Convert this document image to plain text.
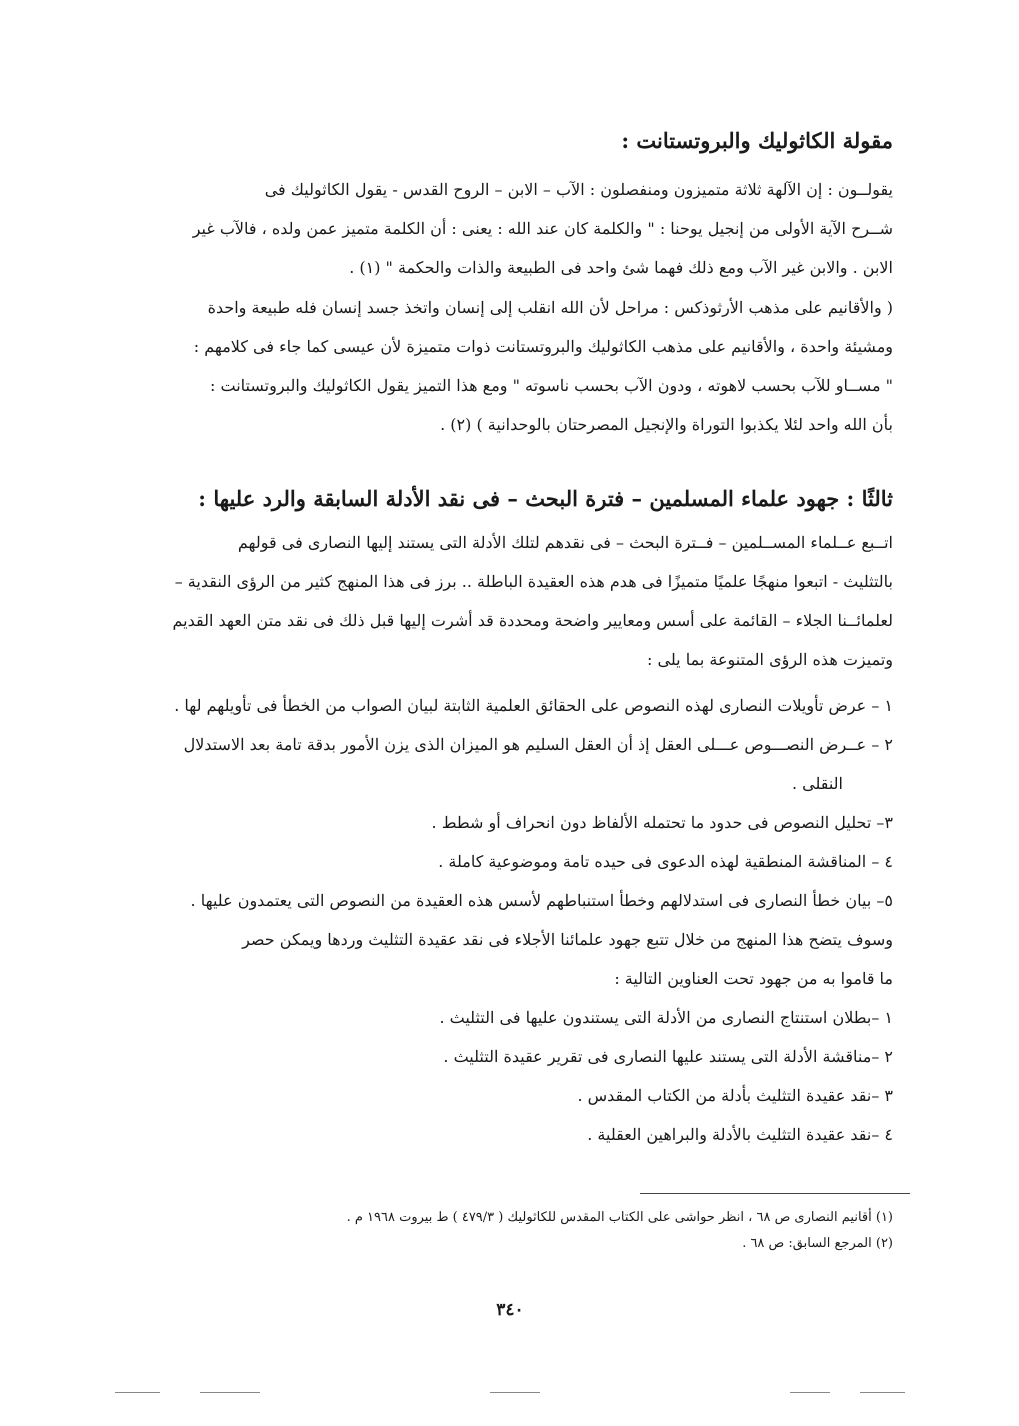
مقولة الكاثوليك والبروتستانت :
يقولــون : إن الآلهة ثلاثة متميزون ومنفصلون : الآب – الابن – الروح القدس - يقول الكاثوليك فى
شــرح الآية الأولى من إنجيل يوحنا : " والكلمة كان عند الله : يعنى : أن الكلمة متميز عمن ولده ، فالآب غير
الابن . والابن غير الآب ومع ذلك فهما شئ واحد فى الطبيعة والذات والحكمة " (١) .
( والأقانيم على مذهب الأرثوذكس : مراحل لأن الله انقلب إلى إنسان واتخذ جسد إنسان فله طبيعة واحدة
ومشيئة واحدة ، والأقانيم على مذهب الكاثوليك والبروتستانت ذوات متميزة لأن عيسى كما جاء فى كلامهم :
" مســاو للآب بحسب لاهوته ، ودون الآب بحسب ناسوته " ومع هذا التميز يقول الكاثوليك والبروتستانت :
بأن الله واحد لئلا يكذبوا التوراة والإنجيل المصرحتان بالوحدانية ) (٢) .
ثالثًا : جهود علماء المسلمين – فترة البحث – فى نقد الأدلة السابقة والرد عليها :
اتــبع عــلماء المســلمين – فــترة البحث – فى نقدهم لتلك الأدلة التى يستند إليها النصارى فى قولهم
بالتثليث - اتبعوا منهجًا علميًا متميزًا فى هدم هذه العقيدة الباطلة .. برز فى هذا المنهج كثير من الرؤى النقدية –
لعلمائــنا الجلاء – القائمة على أسس ومعايير واضحة ومحددة قد أشرت إليها قبل ذلك فى نقد متن العهد القديم
وتميزت هذه الرؤى المتنوعة بما يلى :
١ – عرض تأويلات النصارى لهذه النصوص على الحقائق العلمية الثابتة لبيان الصواب من الخطأ فى تأويلهم لها .
٢ – عــرض النصـــوص عـــلى العقل إذ أن العقل السليم هو الميزان الذى يزن الأمور بدقة تامة بعد الاستدلال
النقلى .
٣– تحليل النصوص فى حدود ما تحتمله الألفاظ دون انحراف أو شطط .
٤ – المناقشة المنطقية لهذه الدعوى فى حيده تامة وموضوعية كاملة .
٥– بيان خطأ النصارى فى استدلالهم وخطأ استنباطهم لأسس هذه العقيدة من النصوص التى يعتمدون عليها .
وسوف يتضح هذا المنهج من خلال تتبع جهود علمائنا الأجلاء فى نقد عقيدة التثليث وردها ويمكن حصر
ما قاموا به من جهود تحت العناوين التالية :
١ –بطلان استنتاج النصارى من الأدلة التى يستندون عليها فى التثليث .
٢ –مناقشة الأدلة التى يستند عليها النصارى فى تقرير عقيدة التثليث .
٣ –نقد عقيدة التثليث بأدلة من الكتاب المقدس .
٤ –نقد عقيدة التثليث بالأدلة والبراهين العقلية .
(١) أقانيم النصارى ص ٦٨ ، انظر حواشى على الكتاب المقدس للكاثوليك ( ٤٧٩/٣ ) ط بيروت ١٩٦٨ م .
(٢) المرجع السابق: ص ٦٨ .
٣٤٠
